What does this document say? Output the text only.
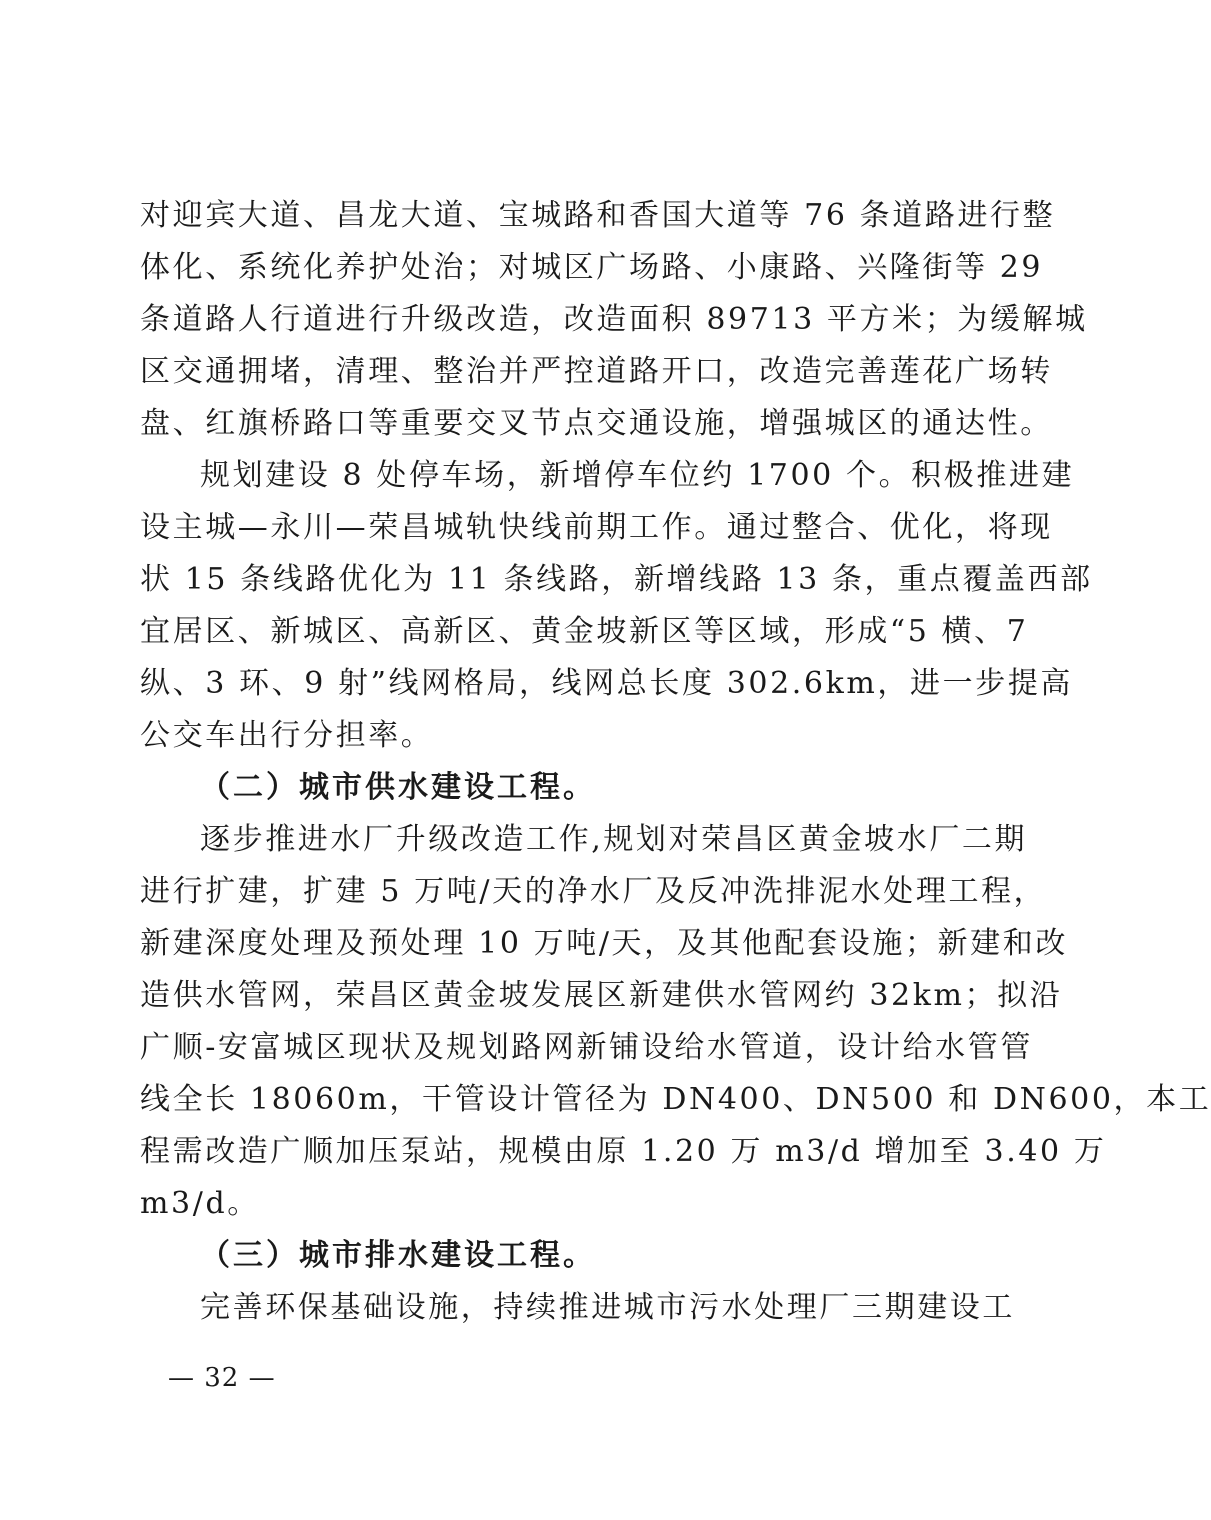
对迎宾大道、昌龙大道、宝城路和香国大道等 76 条道路进行整
体化、系统化养护处治；对城区广场路、小康路、兴隆街等 29
条道路人行道进行升级改造，改造面积 89713 平方米；为缓解城
区交通拥堵，清理、整治并严控道路开口，改造完善莲花广场转
盘、红旗桥路口等重要交叉节点交通设施，增强城区的通达性。
规划建设 8 处停车场，新增停车位约 1700 个。积极推进建
设主城—永川—荣昌城轨快线前期工作。通过整合、优化，将现
状 15 条线路优化为 11 条线路，新增线路 13 条，重点覆盖西部
宜居区、新城区、高新区、黄金坡新区等区域，形成“5 横、7
纵、3 环、9 射”线网格局，线网总长度 302.6km，进一步提高
公交车出行分担率。
（二）城市供水建设工程。
逐步推进水厂升级改造工作,规划对荣昌区黄金坡水厂二期
进行扩建，扩建 5 万吨/天的净水厂及反冲洗排泥水处理工程，
新建深度处理及预处理 10 万吨/天，及其他配套设施；新建和改
造供水管网，荣昌区黄金坡发展区新建供水管网约 32km；拟沿
广顺-安富城区现状及规划路网新铺设给水管道，设计给水管管
线全长 18060m，干管设计管径为 DN400、DN500 和 DN600，本工
程需改造广顺加压泵站，规模由原 1.20 万 m3/d 增加至 3.40 万
m3/d。
（三）城市排水建设工程。
完善环保基础设施，持续推进城市污水处理厂三期建设工
— 32 —
